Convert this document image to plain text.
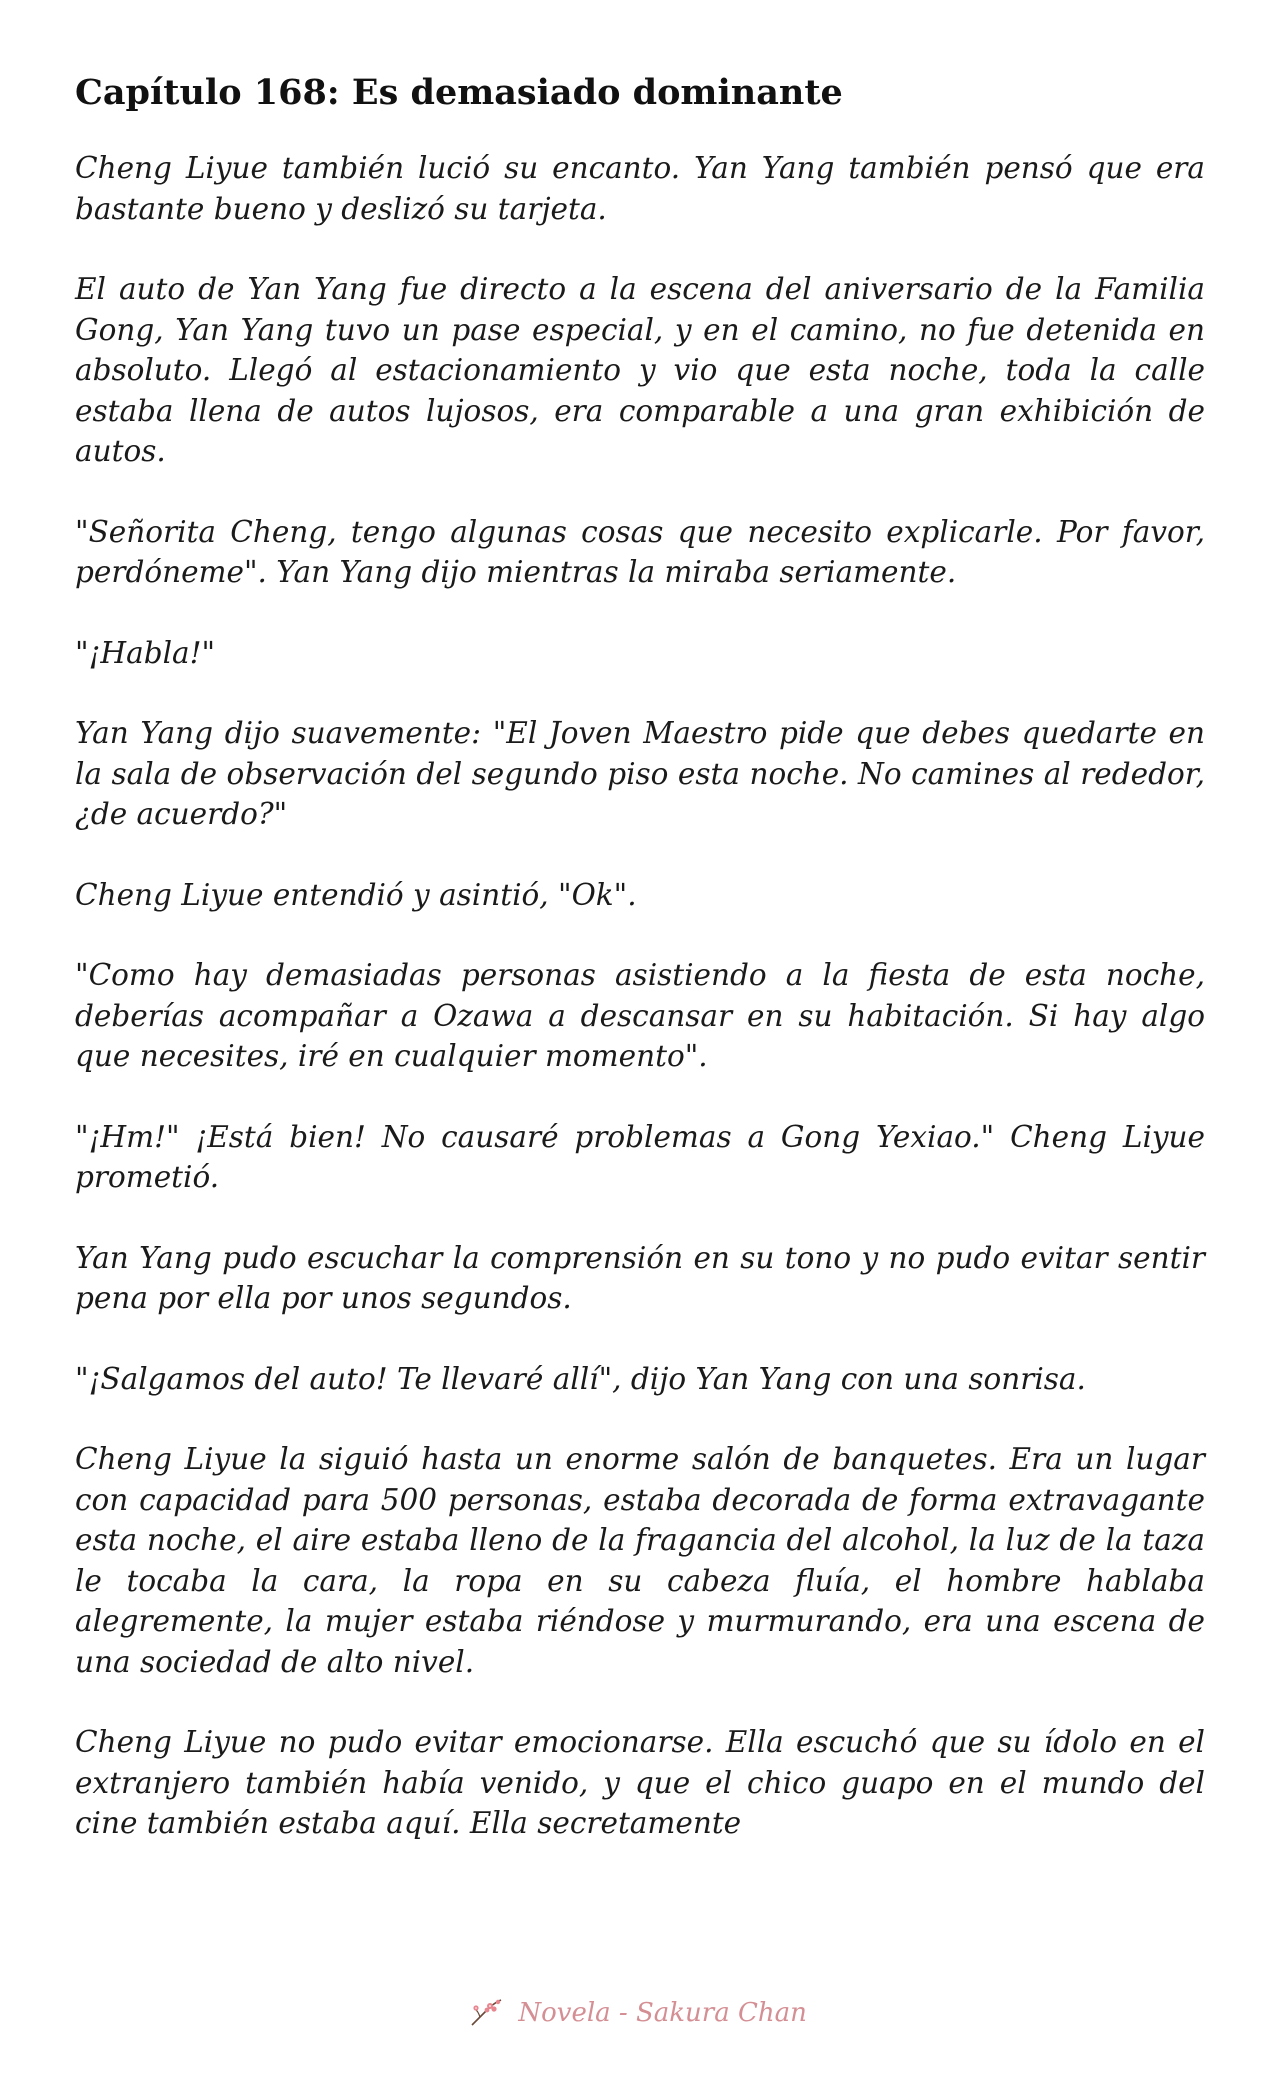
Capítulo 168: Es demasiado dominante

Cheng Liyue también lució su encanto. Yan Yang también pensó que era bastante bueno y deslizó su tarjeta.

El auto de Yan Yang fue directo a la escena del aniversario de la Familia Gong, Yan Yang tuvo un pase especial, y en el camino, no fue detenida en absoluto. Llegó al estacionamiento y vio que esta noche, toda la calle estaba llena de autos lujosos, era comparable a una gran exhibición de autos.

"Señorita Cheng, tengo algunas cosas que necesito explicarle. Por favor, perdóneme". Yan Yang dijo mientras la miraba seriamente.

"¡Habla!"

Yan Yang dijo suavemente: "El Joven Maestro pide que debes quedarte en la sala de observación del segundo piso esta noche. No camines al rededor, ¿de acuerdo?"

Cheng Liyue entendió y asintió, "Ok".

"Como hay demasiadas personas asistiendo a la fiesta de esta noche, deberías acompañar a Ozawa a descansar en su habitación. Si hay algo que necesites, iré en cualquier momento".

"¡Hm!" ¡Está bien! No causaré problemas a Gong Yexiao." Cheng Liyue prometió.

Yan Yang pudo escuchar la comprensión en su tono y no pudo evitar sentir pena por ella por unos segundos.

"¡Salgamos del auto! Te llevaré allí", dijo Yan Yang con una sonrisa.

Cheng Liyue la siguió hasta un enorme salón de banquetes. Era un lugar con capacidad para 500 personas, estaba decorada de forma extravagante esta noche, el aire estaba lleno de la fragancia del alcohol, la luz de la taza le tocaba la cara, la ropa en su cabeza fluía, el hombre hablaba alegremente, la mujer estaba riéndose y murmurando, era una escena de una sociedad de alto nivel.

Cheng Liyue no pudo evitar emocionarse. Ella escuchó que su ídolo en el extranjero también había venido, y que el chico guapo en el mundo del cine también estaba aquí. Ella secretamente

Novela - Sakura Chan
